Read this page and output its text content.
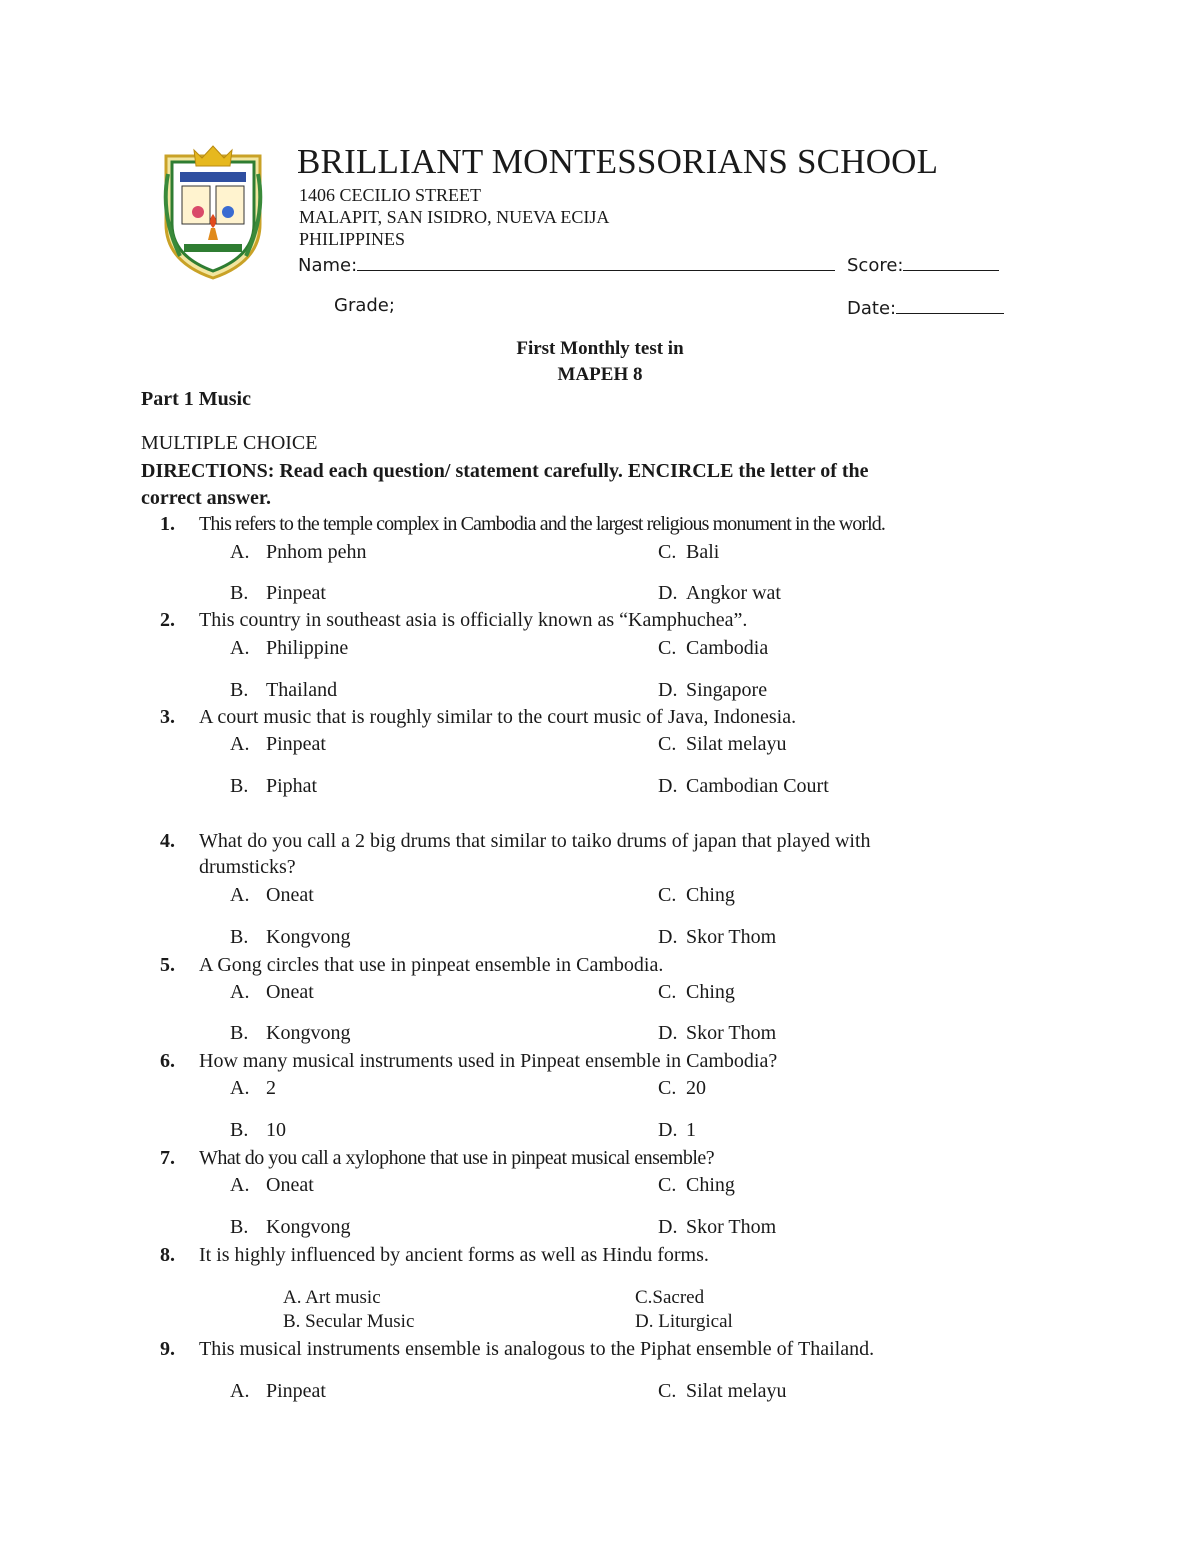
BRILLIANT MONTESSORIANS SCHOOL
1406 CECILIO STREET
MALAPIT, SAN ISIDRO, NUEVA ECIJA
PHILIPPINES
Name:	Score:
Grade;	Date:
First Monthly test in
MAPEH 8
Part 1 Music
MULTIPLE CHOICE
DIRECTIONS: Read each question/ statement carefully. ENCIRCLE the letter of the
correct answer.
1. This refers to the temple complex in Cambodia and the largest religious monument in the world.
A. Pnhom pehn	C. Bali
B. Pinpeat	D. Angkor wat
2. This country in southeast asia is officially known as “Kamphuchea”.
A. Philippine	C. Cambodia
B. Thailand	D. Singapore
3. A court music that is roughly similar to the court music of Java, Indonesia.
A. Pinpeat	C. Silat melayu
B. Piphat	D. Cambodian Court
4. What do you call a 2 big drums that similar to taiko drums of japan that played with
drumsticks?
A. Oneat	C. Ching
B. Kongvong	D. Skor Thom
5. A Gong circles that use in pinpeat ensemble in Cambodia.
A. Oneat	C. Ching
B. Kongvong	D. Skor Thom
6. How many musical instruments used in Pinpeat ensemble in Cambodia?
A. 2	C. 20
B. 10	D. 1
7. What do you call a xylophone that use in pinpeat musical ensemble?
A. Oneat	C. Ching
B. Kongvong	D. Skor Thom
8. It is highly influenced by ancient forms as well as Hindu forms.
A. Art music	C.Sacred
B. Secular Music	D. Liturgical
9. This musical instruments ensemble is analogous to the Piphat ensemble of Thailand.
A. Pinpeat	C. Silat melayu
